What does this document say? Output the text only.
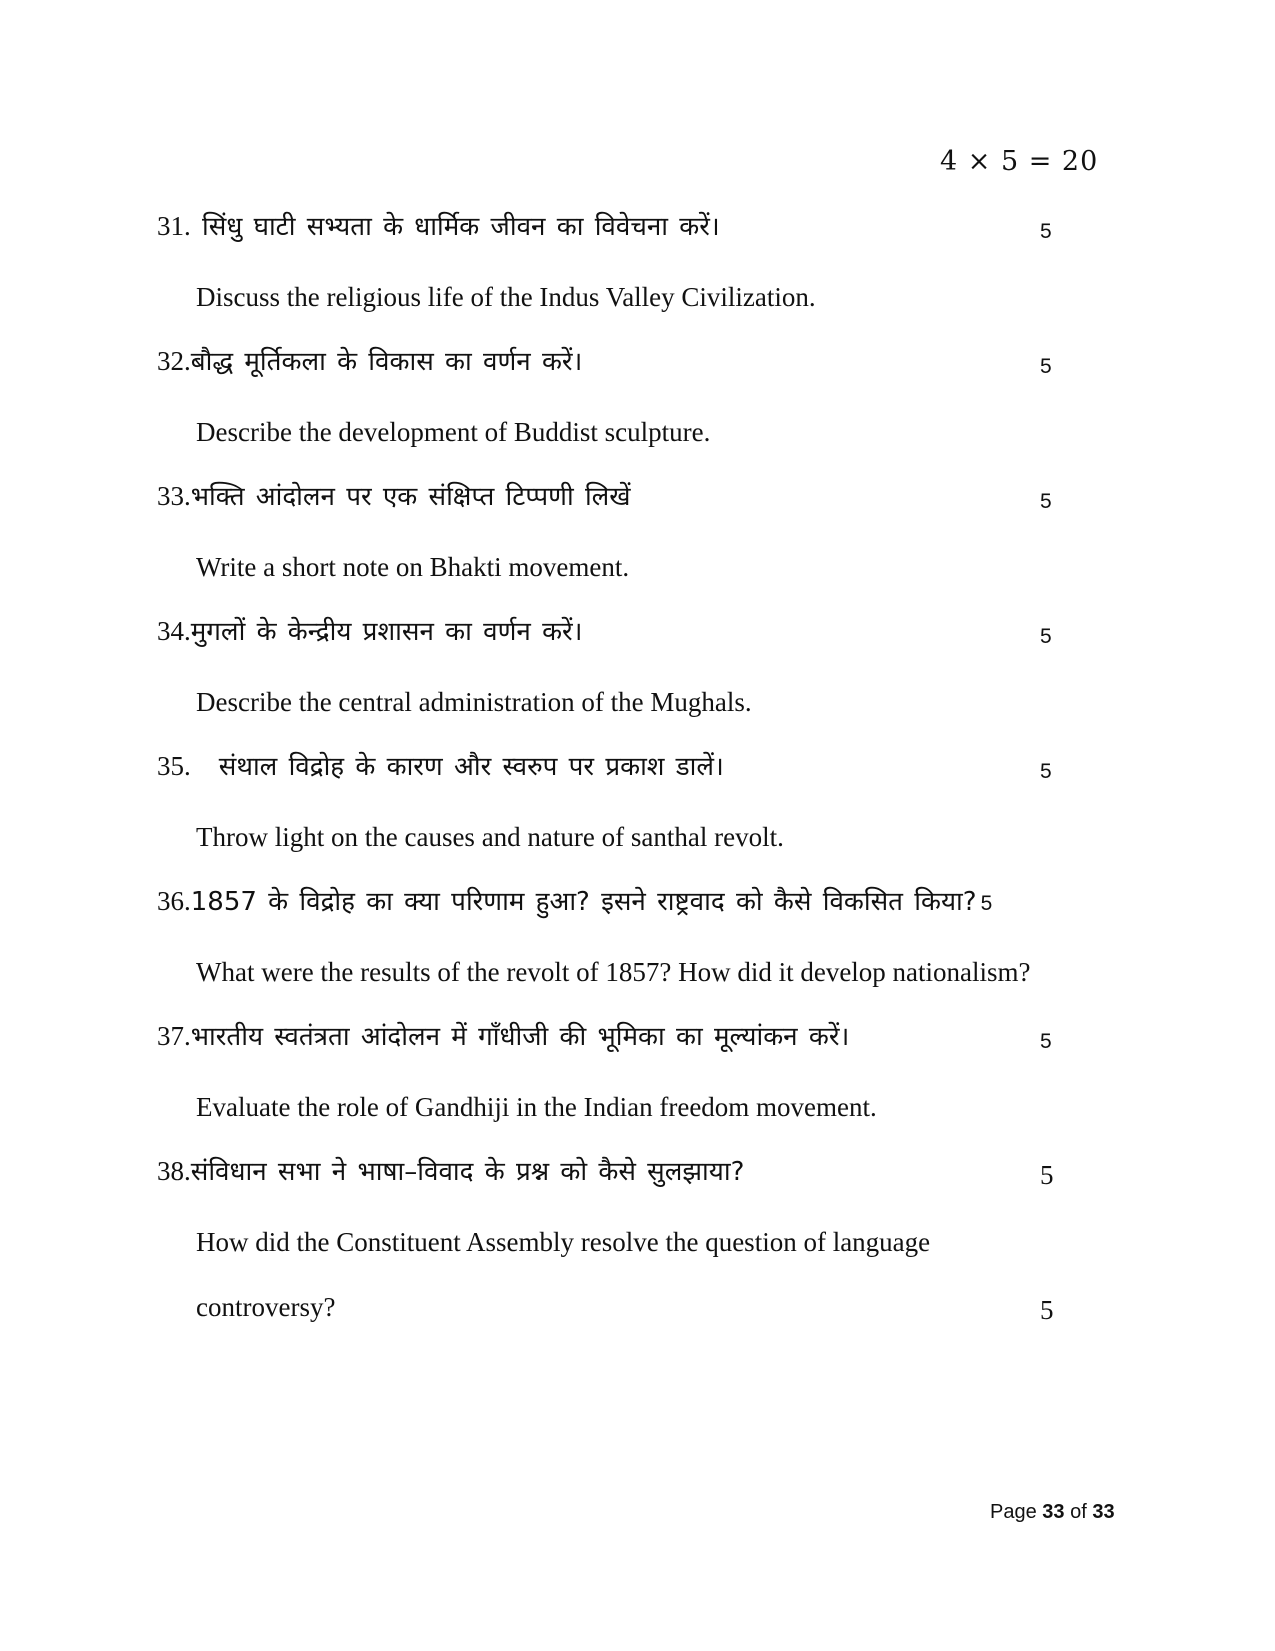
4 × 5 = 20
31. सिंधु घाटी सभ्यता के धार्मिक जीवन का विवेचना करें।	5
Discuss the religious life of the Indus Valley Civilization.
32.बौद्ध मूर्तिकला के विकास का वर्णन करें।	5
Describe the development of Buddist sculpture.
33.भक्ति आंदोलन पर एक संक्षिप्त टिप्पणी लिखें	5
Write a short note on Bhakti movement.
34.मुगलों के केन्द्रीय प्रशासन का वर्णन करें।	5
Describe the central administration of the Mughals.
35. संथाल विद्रोह के कारण और स्वरुप पर प्रकाश डालें।	5
Throw light on the causes and nature of santhal revolt.
36.1857 के विद्रोह का क्या परिणाम हुआ? इसने राष्ट्रवाद को कैसे विकसित किया? 5
What were the results of the revolt of 1857? How did it develop nationalism?
37.भारतीय स्वतंत्रता आंदोलन में गाँधीजी की भूमिका का मूल्यांकन करें।	5
Evaluate the role of Gandhiji in the Indian freedom movement.
38.संविधान सभा ने भाषा–विवाद के प्रश्न को कैसे सुलझाया?	5
How did the Constituent Assembly resolve the question of language
controversy?	5
Page 33 of 33
